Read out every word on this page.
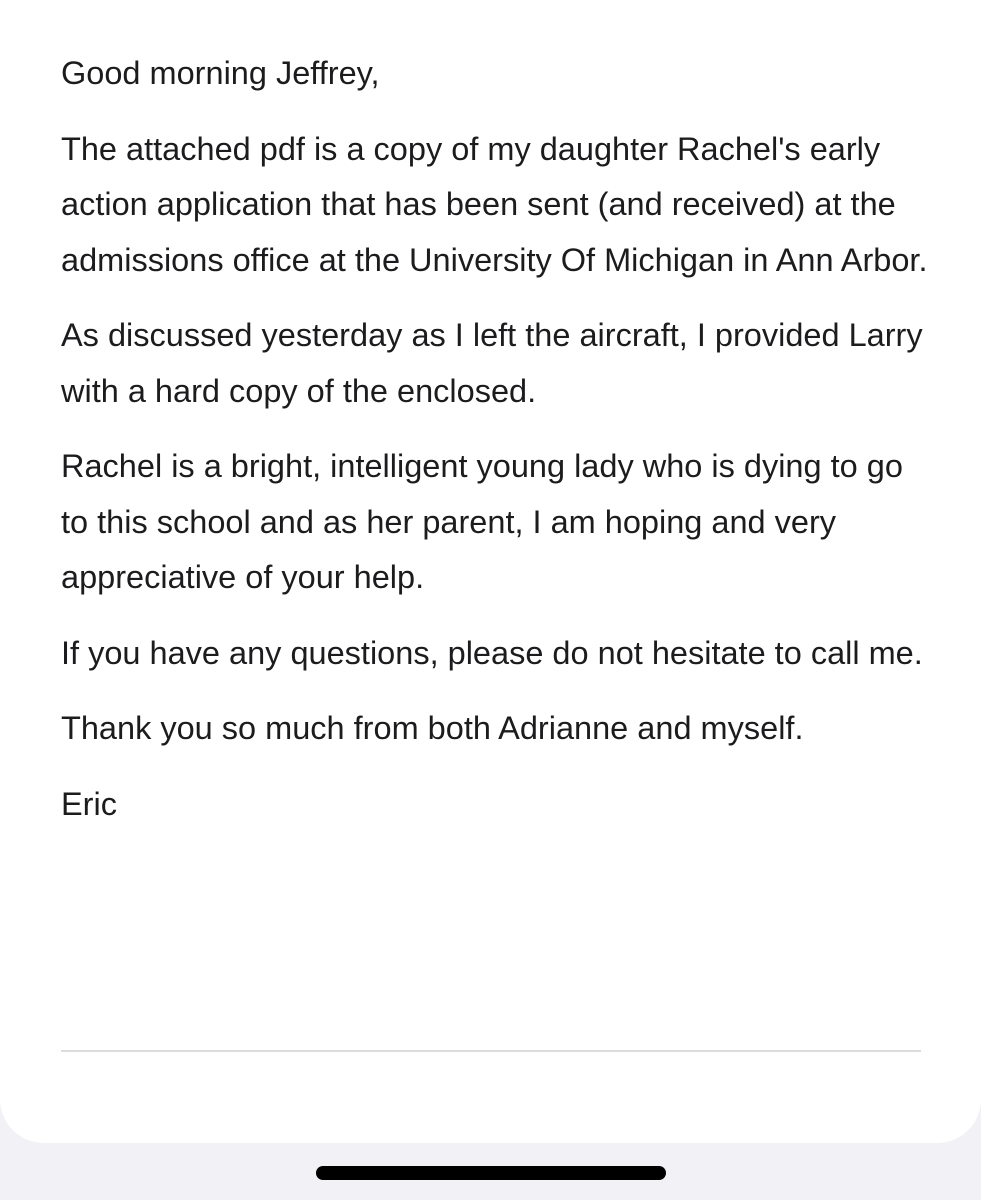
Good morning Jeffrey,

The attached pdf is a copy of my daughter Rachel's early action application that has been sent (and received) at the admissions office at the University Of Michigan in Ann Arbor.

As discussed yesterday as I left the aircraft, I provided Larry with a hard copy of the enclosed.

Rachel is a bright, intelligent young lady who is dying to go to this school and as her parent, I am hoping and very appreciative of your help.

If you have any questions, please do not hesitate to call me.

Thank you so much from both Adrianne and myself.

Eric
